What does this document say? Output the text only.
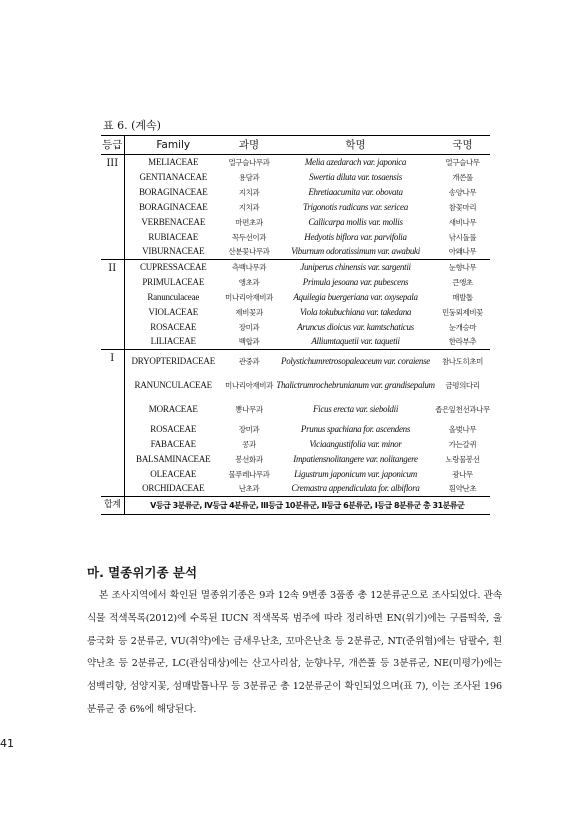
표 6. (계속)
등급	Family	과명	학명	국명
III	MELIACEAE	멀구슬나무과	Melia azedarach var. japonica	멀구슬나무
	GENTIANACEAE	용담과	Swertia diluta var. tosaensis	개쓴풀
	BORAGINACEAE	지치과	Ehretiaacumita var. obovata	송양나무
	BORAGINACEAE	지치과	Trigonotis radicans var. sericea	참꽃마리
	VERBENACEAE	마편초과	Callicarpa mollis var. mollis	새비나무
	RUBIACEAE	꼭두선이과	Hedyotis biflora var. parvifolia	낚시돌풀
	VIBURNACEAE	산분꽃나무과	Viburnum odoratissimum var. awabuki	아왜나무
II	CUPRESSACEAE	측백나무과	Juniperus chinensis var. sargentii	눈향나무
	PRIMULACEAE	앵초과	Primula jesoana var. pubescens	큰앵초
	Ranunculaceae	미나리아재비과	Aquilegia buergeriana var. oxysepala	매발톱
	VIOLACEAE	제비꽃과	Viola tokubuchiana var. takedana	민둥뫼제비꽃
	ROSACEAE	장미과	Aruncus dioicus var. kamtschaticus	눈개승마
	LILIACEAE	백합과	Alliumtaquetii var. taquetii	한라부추
I	DRYOPTERIDACEAE	관중과	Polystichumretrosopaleaceum var. coraiense	참나도히초미
	RANUNCULACEAE	미나리아재비과	Thalictrumrochebrunianum var. grandisepalum	금평의다리
	MORACEAE	뽕나무과	Ficus erecta var. sieboldii	좁은잎천선과나무
	ROSACEAE	장미과	Prunus spachiana for. ascendens	올벚나무
	FABACEAE	콩과	Viciaangustifolia var. minor	가는갈퀴
	BALSAMINACEAE	봉선화과	Impatiensnolitangere var. nolitangere	노랑물봉선
	OLEACEAE	물푸레나무과	Ligustrum japonicum var. japonicum	광나무
	ORCHIDACEAE	난초과	Cremastra appendiculata for. albiflora	흰약난초
합계	V등급 3분류군, IV등급 4분류군, III등급 10분류군, II등급 6분류군, I등급 8분류군 총 31분류군			
마. 멸종위기종 분석

본 조사지역에서 확인된 멸종위기종은 9과 12속 9변종 3품종 총 12분류군으로 조사되었다. 관속식물 적색목록(2012)에 수록된 IUCN 적색목록 범주에 따라 정리하면 EN(위기)에는 구름떡쑥, 울릉국화 등 2분류군, VU(취약)에는 금새우난초, 꼬마은난초 등 2분류군, NT(준위협)에는 담팔수, 흰약난초 등 2분류군, LC(관심대상)에는 산고사리삼, 눈향나무, 개쓴풀 등 3분류군, NE(미평가)에는 섬백리향, 섬양지꽃, 섬매발톱나무 등 3분류군 총 12분류군이 확인되었으며(표 7), 이는 조사된 196분류군 중 6%에 해당된다.

41
